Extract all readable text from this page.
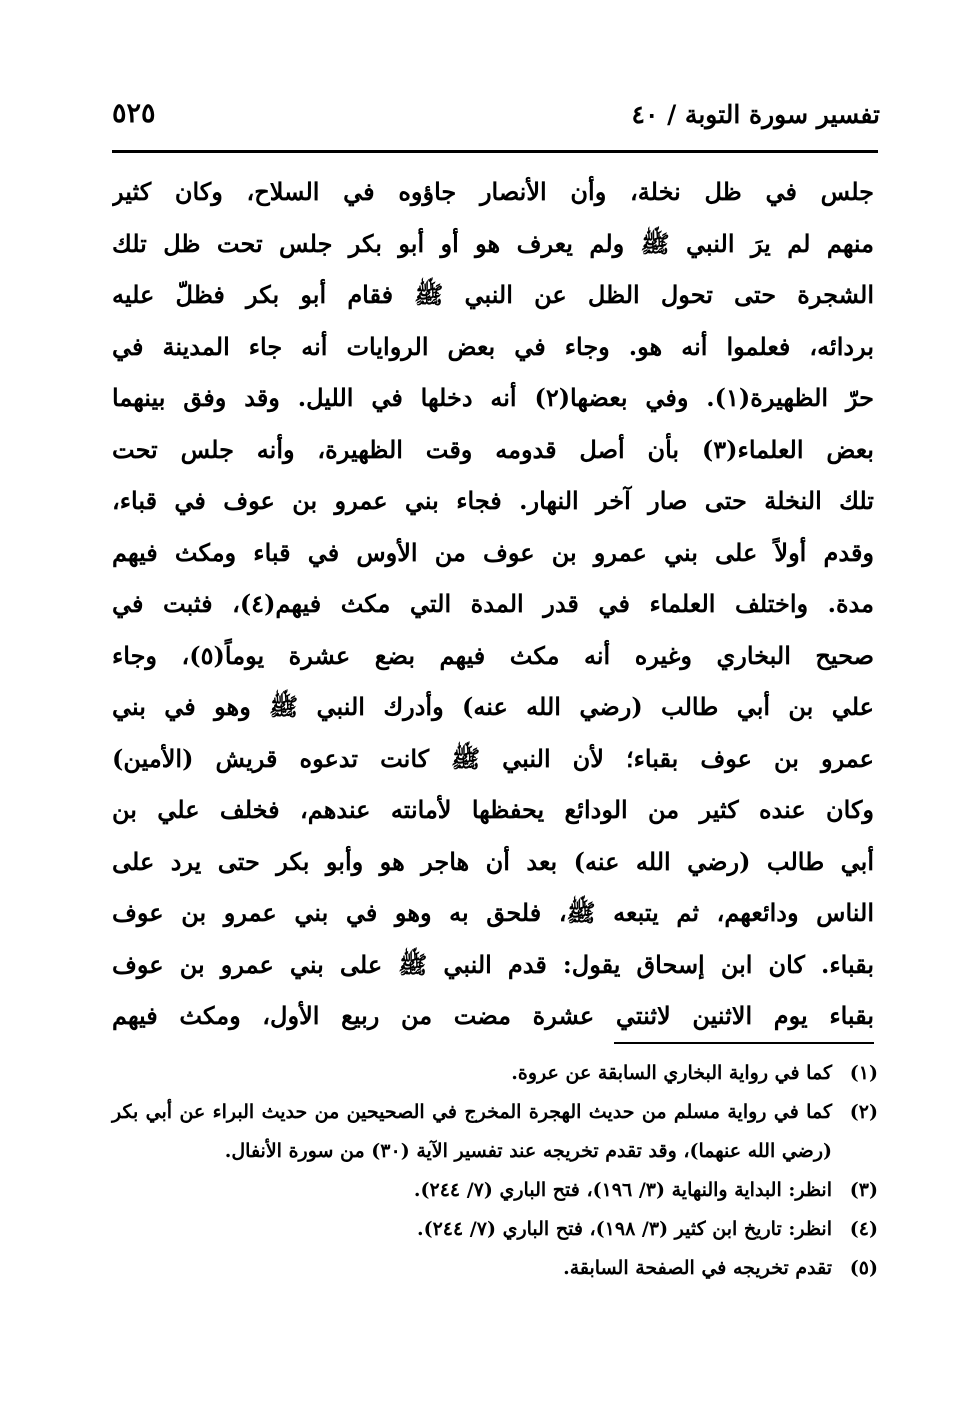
تفسير سورة التوبة / ٤٠
٥٢٥
جلس في ظل نخلة، وأن الأنصار جاؤوه في السلاح، وكان كثير
منهم لم يرَ النبي ﷺ ولم يعرف هو أو أبو بكر جلس تحت ظل تلك
الشجرة حتى تحول الظل عن النبي ﷺ فقام أبو بكر فظلّ عليه
بردائه، فعلموا أنه هو. وجاء في بعض الروايات أنه جاء المدينة في
حرّ الظهيرة(١). وفي بعضها(٢) أنه دخلها في الليل. وقد وفق بينهما
بعض العلماء(٣) بأن أصل قدومه وقت الظهيرة، وأنه جلس تحت
تلك النخلة حتى صار آخر النهار. فجاء بني عمرو بن عوف في قباء،
وقدم أولاً على بني عمرو بن عوف من الأوس في قباء ومكث فيهم
مدة. واختلف العلماء في قدر المدة التي مكث فيهم(٤)، فثبت في
صحيح البخاري وغيره أنه مكث فيهم بضع عشرة يوماً(٥)، وجاء
علي بن أبي طالب (رضي الله عنه) وأدرك النبي ﷺ وهو في بني
عمرو بن عوف بقباء؛ لأن النبي ﷺ كانت تدعوه قريش (الأمين)
وكان عنده كثير من الودائع يحفظها لأمانته عندهم، فخلف علي بن
أبي طالب (رضي الله عنه) بعد أن هاجر هو وأبو بكر حتى يرد على
الناس ودائعهم، ثم يتبعه ﷺ، فلحق به وهو في بني عمرو بن عوف
بقباء. كان ابن إسحاق يقول: قدم النبي ﷺ على بني عمرو بن عوف
بقباء يوم الاثنين لاثنتي عشرة مضت من ربيع الأول، ومكث فيهم
(١)
كما في رواية البخاري السابقة عن عروة.
(٢)
كما في رواية مسلم من حديث الهجرة المخرج في الصحيحين من حديث البراء عن أبي بكر (رضي الله عنهما)، وقد تقدم تخريجه عند تفسير الآية (٣٠) من سورة الأنفال.
(٣)
انظر: البداية والنهاية (٣/ ١٩٦)، فتح الباري (٧/ ٢٤٤).
(٤)
انظر: تاريخ ابن كثير (٣/ ١٩٨)، فتح الباري (٧/ ٢٤٤).
(٥)
تقدم تخريجه في الصفحة السابقة.
